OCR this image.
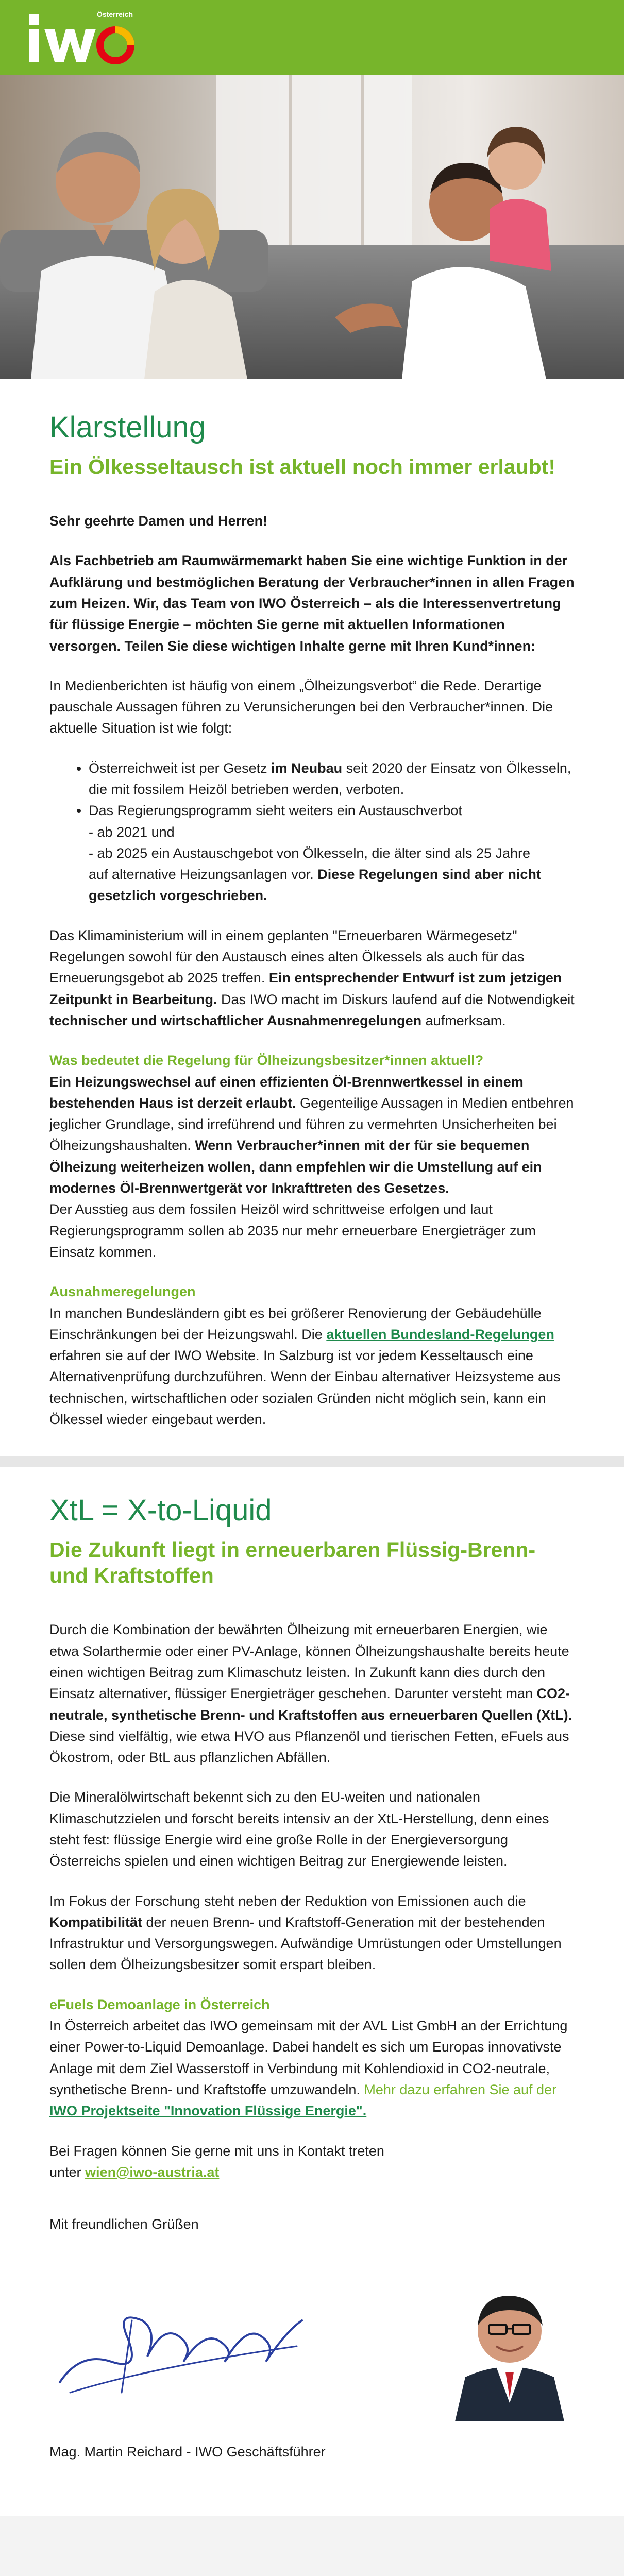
Österreich
Klarstellung
Ein Ölkesseltausch ist aktuell noch immer erlaubt!

Sehr geehrte Damen und Herren!

Als Fachbetrieb am Raumwärmemarkt haben Sie eine wichtige Funktion in der Aufklärung und bestmöglichen Beratung der Verbraucher*innen in allen Fragen zum Heizen. Wir, das Team von IWO Österreich – als die Interessenvertretung für flüssige Energie – möchten Sie gerne mit aktuellen Informationen versorgen. Teilen Sie diese wichtigen Inhalte gerne mit Ihren Kund*innen:

In Medienberichten ist häufig von einem „Ölheizungsverbot“ die Rede. Derartige pauschale Aussagen führen zu Verunsicherungen bei den Verbraucher*innen. Die aktuelle Situation ist wie folgt:

• Österreichweit ist per Gesetz im Neubau seit 2020 der Einsatz von Ölkesseln, die mit fossilem Heizöl betrieben werden, verboten.
• Das Regierungsprogramm sieht weiters ein Austauschverbot
- ab 2021 und
- ab 2025 ein Austauschgebot von Ölkesseln, die älter sind als 25 Jahre
auf alternative Heizungsanlagen vor. Diese Regelungen sind aber nicht gesetzlich vorgeschrieben.

Das Klimaministerium will in einem geplanten "Erneuerbaren Wärmegesetz" Regelungen sowohl für den Austausch eines alten Ölkessels als auch für das Erneuerungsgebot ab 2025 treffen. Ein entsprechender Entwurf ist zum jetzigen Zeitpunkt in Bearbeitung. Das IWO macht im Diskurs laufend auf die Notwendigkeit technischer und wirtschaftlicher Ausnahmenregelungen aufmerksam.

Was bedeutet die Regelung für Ölheizungsbesitzer*innen aktuell?
Ein Heizungswechsel auf einen effizienten Öl-Brennwertkessel in einem bestehenden Haus ist derzeit erlaubt. Gegenteilige Aussagen in Medien entbehren jeglicher Grundlage, sind irreführend und führen zu vermehrten Unsicherheiten bei Ölheizungshaushalten. Wenn Verbraucher*innen mit der für sie bequemen Ölheizung weiterheizen wollen, dann empfehlen wir die Umstellung auf ein modernes Öl-Brennwertgerät vor Inkrafttreten des Gesetzes.
Der Ausstieg aus dem fossilen Heizöl wird schrittweise erfolgen und laut Regierungsprogramm sollen ab 2035 nur mehr erneuerbare Energieträger zum Einsatz kommen.
Ausnahmeregelungen
In manchen Bundesländern gibt es bei größerer Renovierung der Gebäudehülle Einschränkungen bei der Heizungswahl. Die aktuellen Bundesland-Regelungen erfahren sie auf der IWO Website. In Salzburg ist vor jedem Kesseltausch eine Alternativenprüfung durchzuführen. Wenn der Einbau alternativer Heizsysteme aus technischen, wirtschaftlichen oder sozialen Gründen nicht möglich sein, kann ein Ölkessel wieder eingebaut werden.
XtL = X-to-Liquid
Die Zukunft liegt in erneuerbaren Flüssig-Brenn- und Kraftstoffen

Durch die Kombination der bewährten Ölheizung mit erneuerbaren Energien, wie etwa Solarthermie oder einer PV-Anlage, können Ölheizungshaushalte bereits heute einen wichtigen Beitrag zum Klimaschutz leisten. In Zukunft kann dies durch den Einsatz alternativer, flüssiger Energieträger geschehen. Darunter versteht man CO2-neutrale, synthetische Brenn- und Kraftstoffen aus erneuerbaren Quellen (XtL). Diese sind vielfältig, wie etwa HVO aus Pflanzenöl und tierischen Fetten, eFuels aus Ökostrom, oder BtL aus pflanzlichen Abfällen.

Die Mineralölwirtschaft bekennt sich zu den EU-weiten und nationalen Klimaschutzzielen und forscht bereits intensiv an der XtL-Herstellung, denn eines steht fest: flüssige Energie wird eine große Rolle in der Energieversorgung Österreichs spielen und einen wichtigen Beitrag zur Energiewende leisten.

Im Fokus der Forschung steht neben der Reduktion von Emissionen auch die Kompatibilität der neuen Brenn- und Kraftstoff-Generation mit der bestehenden Infrastruktur und Versorgungswegen. Aufwändige Umrüstungen oder Umstellungen sollen dem Ölheizungsbesitzer somit erspart bleiben.

eFuels Demoanlage in Österreich
In Österreich arbeitet das IWO gemeinsam mit der AVL List GmbH an der Errichtung einer Power-to-Liquid Demoanlage. Dabei handelt es sich um Europas innovativste Anlage mit dem Ziel Wasserstoff in Verbindung mit Kohlendioxid in CO2-neutrale, synthetische Brenn- und Kraftstoffe umzuwandeln. Mehr dazu erfahren Sie auf der IWO Projektseite "Innovation Flüssige Energie".

Bei Fragen können Sie gerne mit uns in Kontakt treten
unter wien@iwo-austria.at

Mit freundlichen Grüßen

Mag. Martin Reichard - IWO Geschäftsführer
